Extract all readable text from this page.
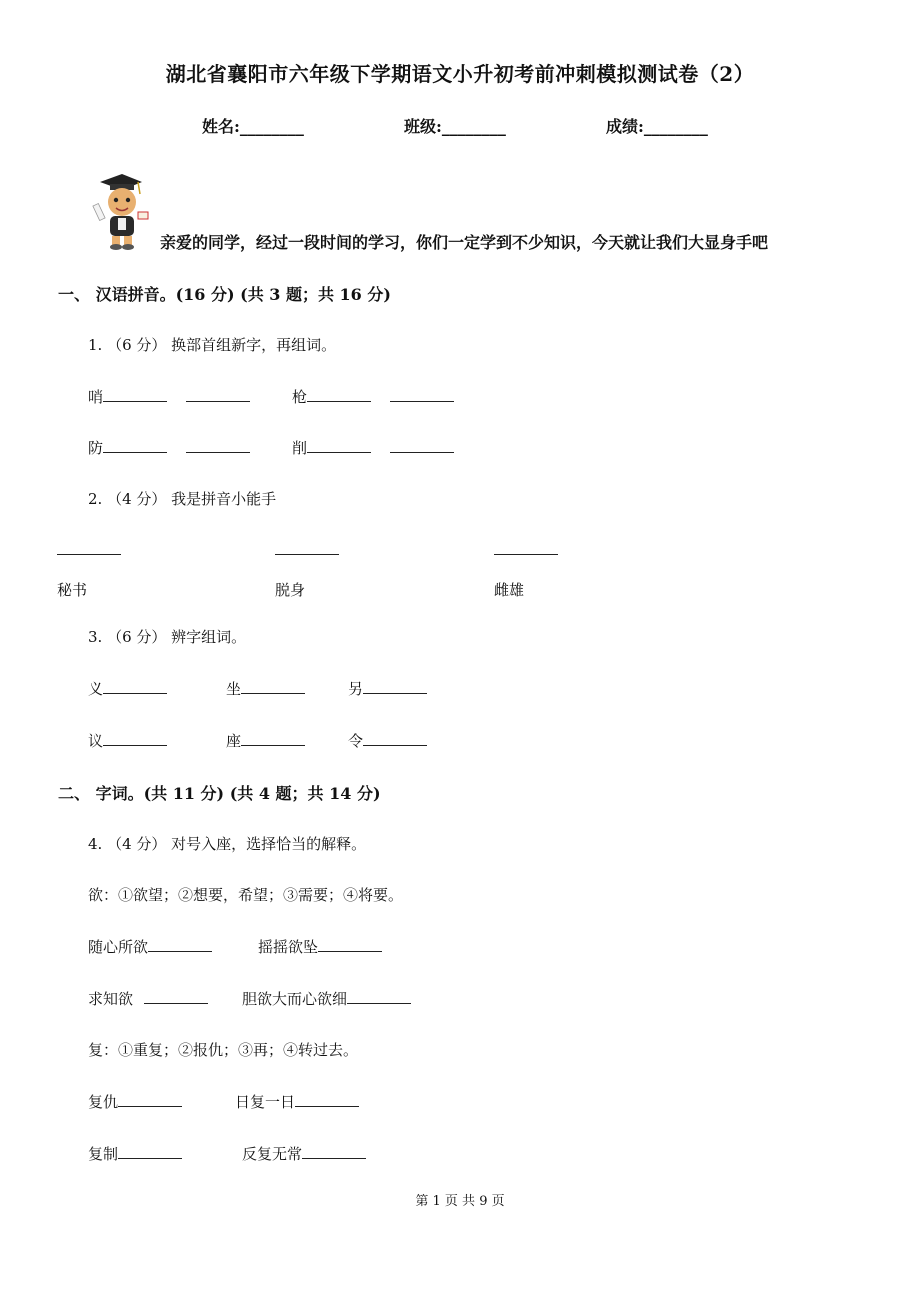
湖北省襄阳市六年级下学期语文小升初考前冲刺模拟测试卷（2）
姓名:________	班级:________	成绩:________
亲爱的同学，经过一段时间的学习，你们一定学到不少知识，今天就让我们大显身手吧
一、 汉语拼音。(16 分) (共 3 题；共 16 分)
1. （6 分） 换部首组新字，再组词。
哨	枪
防	削
2. （4 分） 我是拼音小能手
秘书	脱身	雌雄
3. （6 分） 辨字组词。
义	坐	另
议	座	令
二、 字词。(共 11 分) (共 4 题；共 14 分)
4. （4 分） 对号入座，选择恰当的解释。
欲：①欲望；②想要，希望；③需要；④将要。
随心所欲	摇摇欲坠
求知欲	胆欲大而心欲细
复：①重复；②报仇；③再；④转过去。
复仇	日复一日
复制	反复无常
第 1 页 共 9 页
